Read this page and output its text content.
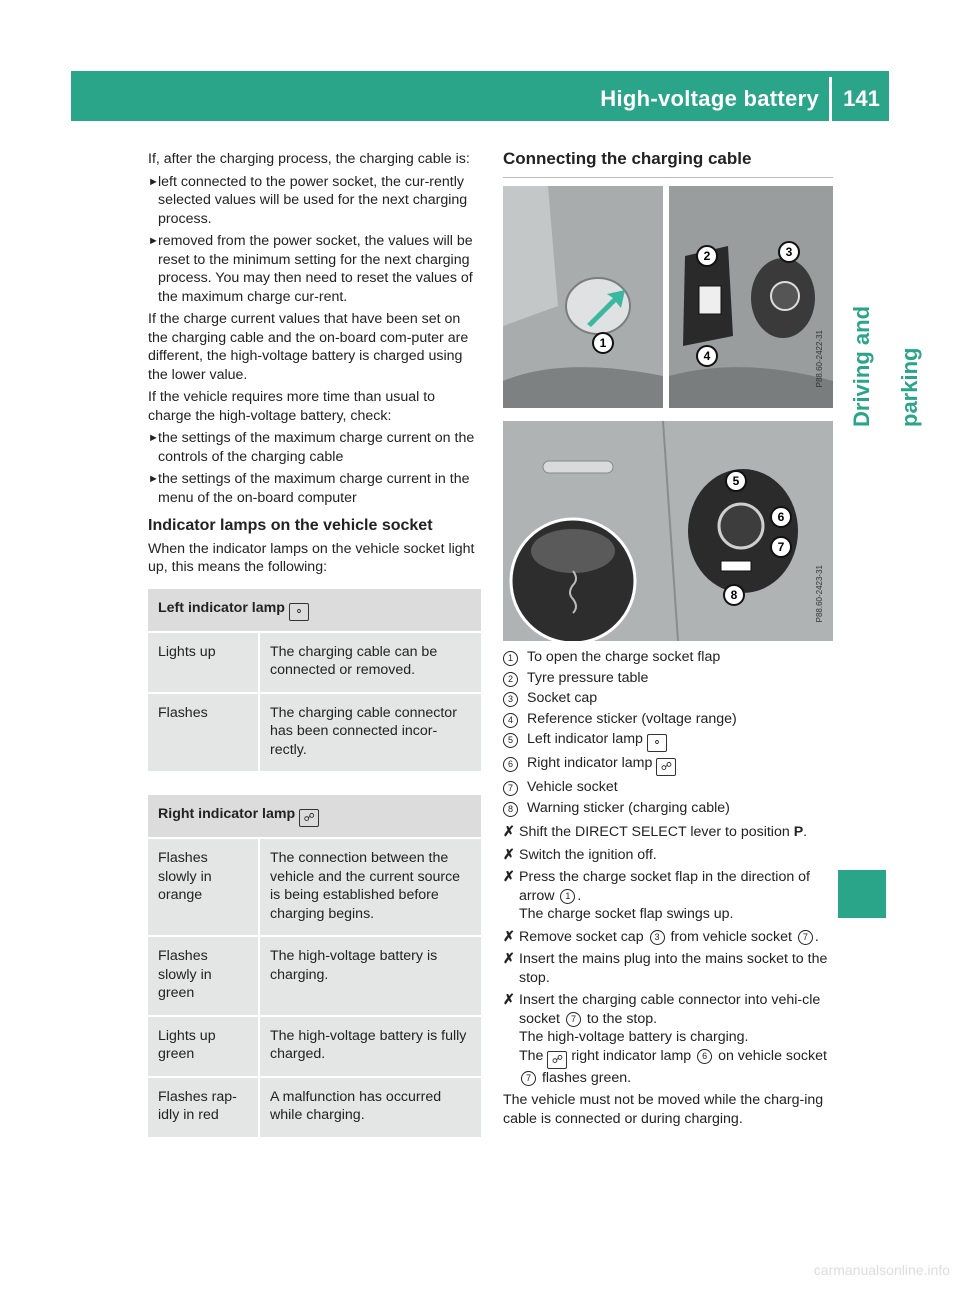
High-voltage battery	141
Driving and parking

If, after the charging process, the charging cable is:

► left connected to the power socket, the cur-rently selected values will be used for the next charging process.
► removed from the power socket, the values will be reset to the minimum setting for the next charging process. You may then need to reset the values of the maximum charge cur-rent.

If the charge current values that have been set on the charging cable and the on-board com-puter are different, the high-voltage battery is charged using the lower value.

If the vehicle requires more time than usual to charge the high-voltage battery, check:

► the settings of the maximum charge current on the controls of the charging cable
► the settings of the maximum charge current in the menu of the on-board computer
Indicator lamps on the vehicle socket

When the indicator lamps on the vehicle socket light up, this means the following:

Left indicator lamp ⚬	
Lights up	The charging cable can be connected or removed.
Flashes	The charging cable connector has been connected incor-rectly.
Right indicator lamp ☍	
Flashes slowly in orange	The connection between the vehicle and the current source is being established before charging begins.
Flashes slowly in green	The high-voltage battery is charging.
Lights up green	The high-voltage battery is fully charged.
Flashes rap-idly in red	A malfunction has occurred while charging.
Connecting the charging cable
1
2	3
4	P88.60-2422-31
5
6
7
8	P88.60-2423-31
1 To open the charge socket flap
2 Tyre pressure table
3 Socket cap
4 Reference sticker (voltage range)
5 Left indicator lamp ⚬
6 Right indicator lamp ☍
7 Vehicle socket
8 Warning sticker (charging cable)
✗ Shift the DIRECT SELECT lever to position P.
✗ Switch the ignition off.
✗ Press the charge socket flap in the direction of arrow 1 .
The charge socket flap swings up.
✗ Remove socket cap 3 from vehicle socket 7 .
✗ Insert the mains plug into the mains socket to the stop.
✗ Insert the charging cable connector into vehi-cle socket 7 to the stop.
The high-voltage battery is charging.
The ☍ right indicator lamp 6 on vehicle socket 7 flashes green.

The vehicle must not be moved while the charg-ing cable is connected or during charging.

carmanualsonline.info
